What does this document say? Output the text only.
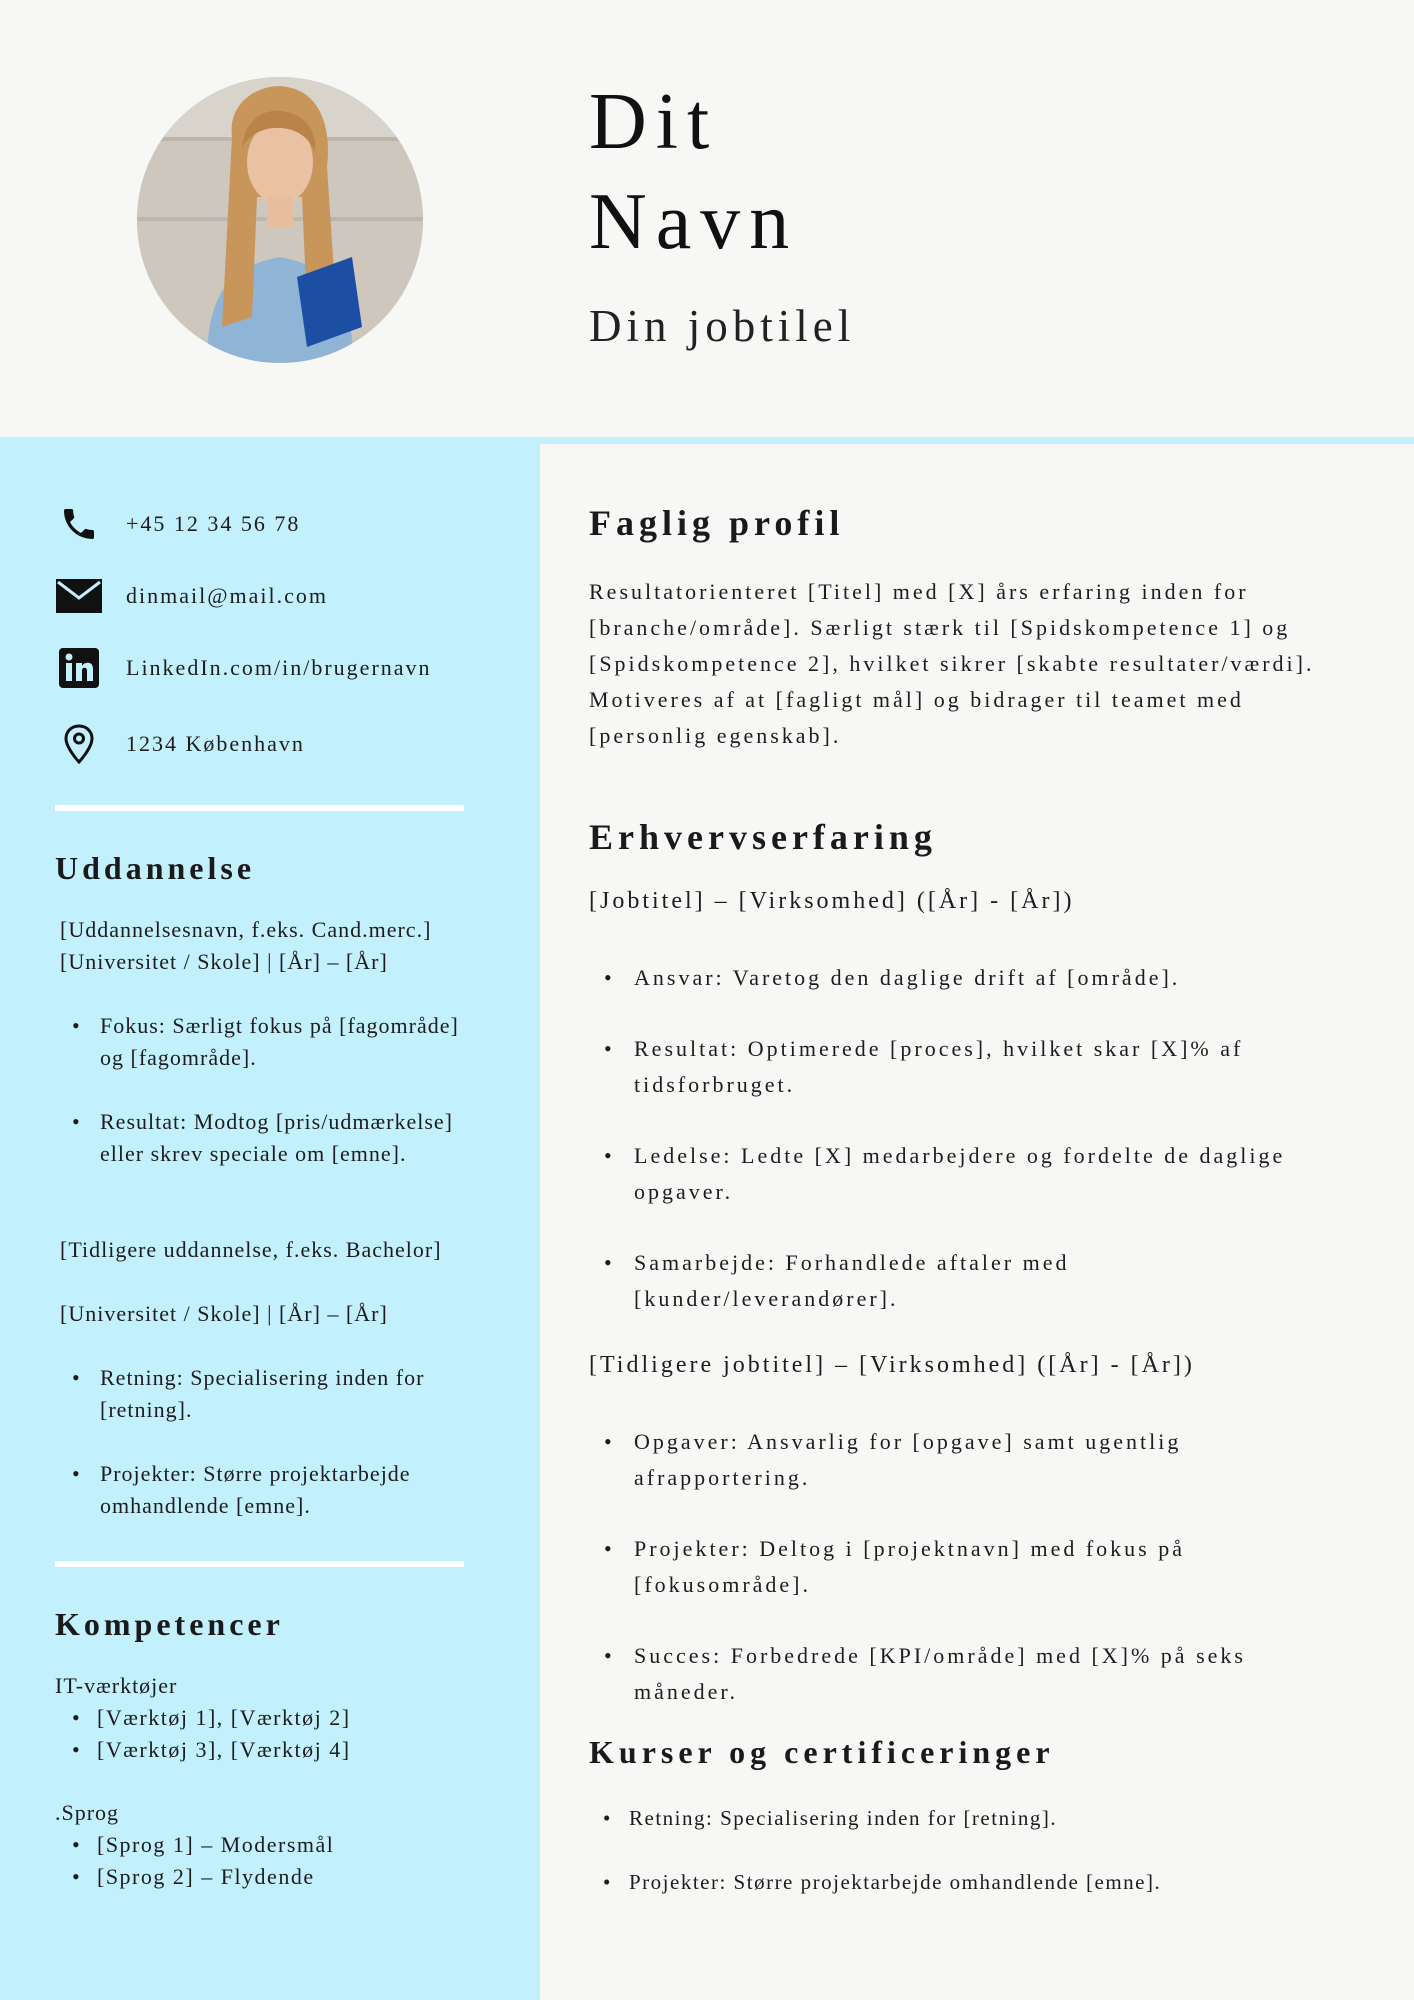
Dit
Navn
Din jobtilel
+45 12 34 56 78
dinmail@mail.com
LinkedIn.com/in/brugernavn
1234 København
Uddannelse
[Uddannelsesnavn, f.eks. Cand.merc.]
[Universitet / Skole] | [År] – [År]
• Fokus: Særligt fokus på [fagområde] og [fagområde].
• Resultat: Modtog [pris/udmærkelse] eller skrev speciale om [emne].
[Tidligere uddannelse, f.eks. Bachelor]
[Universitet / Skole] | [År] – [År]
• Retning: Specialisering inden for [retning].
• Projekter: Større projektarbejde omhandlende [emne].
Kompetencer
IT-værktøjer
• [Værktøj 1], [Værktøj 2]
• [Værktøj 3], [Værktøj 4]
.Sprog
• [Sprog 1] – Modersmål
• [Sprog 2] – Flydende
Faglig profil

Resultatorienteret [Titel] med [X] års erfaring inden for [branche/område]. Særligt stærk til [Spidskompetence 1] og [Spidskompetence 2], hvilket sikrer [skabte resultater/værdi]. Motiveres af at [fagligt mål] og bidrager til teamet med [personlig egenskab].

Erhvervserfaring
[Jobtitel] – [Virksomhed] ([År] - [År])
• Ansvar: Varetog den daglige drift af [område].
• Resultat: Optimerede [proces], hvilket skar [X]% af tidsforbruget.
• Ledelse: Ledte [X] medarbejdere og fordelte de daglige opgaver.
• Samarbejde: Forhandlede aftaler med [kunder/leverandører].
[Tidligere jobtitel] – [Virksomhed] ([År] - [År])
• Opgaver: Ansvarlig for [opgave] samt ugentlig afrapportering.
• Projekter: Deltog i [projektnavn] med fokus på [fokusområde].
• Succes: Forbedrede [KPI/område] med [X]% på seks måneder.
Kurser og certificeringer
• Retning: Specialisering inden for [retning].
• Projekter: Større projektarbejde omhandlende [emne].
